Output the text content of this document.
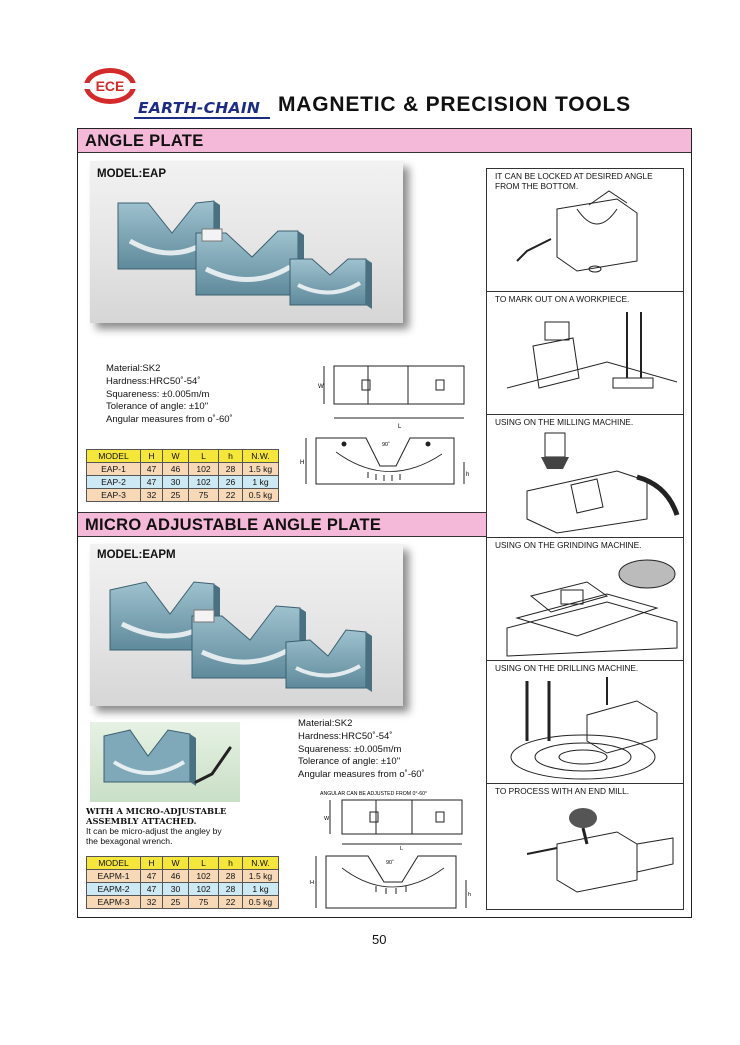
ECE
EARTH-CHAIN MAGNETIC & PRECISION TOOLS
ANGLE PLATE
MICRO ADJUSTABLE ANGLE PLATE
MODEL:EAP
Material:SK2
Hardness:HRC50˚-54˚
Squareness: ±0.005m/m
Tolerance of angle: ±10"
Angular measures from o˚-60˚
W
L
90˚
H
h
MODEL	H	W	L	h	N.W.
EAP-1	47	46	102	28	1.5 kg
EAP-2	47	30	102	26	1 kg
EAP-3	32	25	75	22	0.5 kg
MODEL:EAPM
Material:SK2
Hardness:HRC50˚-54˚
Squareness: ±0.005m/m
Tolerance of angle: ±10"
Angular measures from o˚-60˚
WITH A MICRO-ADJUSTABLE
ASSEMBLY ATTACHED.
It can be micro-adjust the angley by
the bexagonal wrench.
ANGULAR CAN BE ADJUSTED FROM 0°-60°
W
L
90˚
H
h
MODEL	H	W	L	h	N.W.
EAPM-1	47	46	102	28	1.5 kg
EAPM-2	47	30	102	28	1 kg
EAPM-3	32	25	75	22	0.5 kg
IT CAN BE LOCKED AT DESIRED ANGLE FROM THE BOTTOM.
TO MARK OUT ON A WORKPIECE.
USING ON THE MILLING MACHINE.
USING ON THE GRINDING MACHINE.
USING ON THE DRILLING MACHINE.
TO PROCESS WITH AN END MILL.
50
